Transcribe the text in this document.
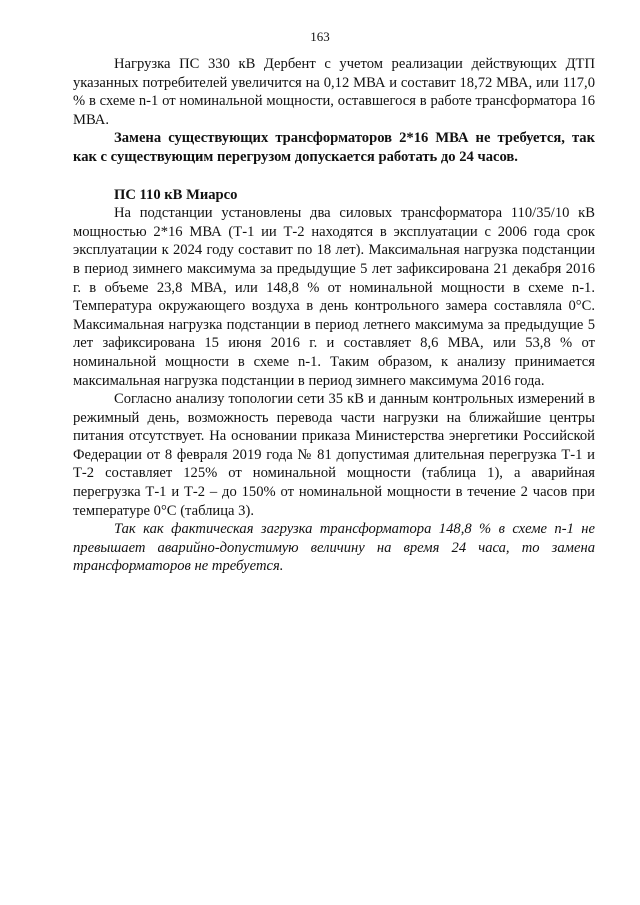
163

Нагрузка ПС 330 кВ Дербент с учетом реализации действующих ДТП указанных потребителей увеличится на 0,12 МВА и составит 18,72 МВА, или 117,0 % в схеме n-1 от номинальной мощности, оставшегося в работе трансформатора 16 МВА.

Замена существующих трансформаторов 2*16 МВА не требуется, так как с существующим перегрузом допускается работать до 24 часов.

ПС 110 кВ Миарсо

На подстанции установлены два силовых трансформатора 110/35/10 кВ мощностью 2*16 МВА (Т-1 ии Т-2 находятся в эксплуатации с 2006 года срок эксплуатации к 2024 году составит по 18 лет). Максимальная нагрузка подстанции в период зимнего максимума за предыдущие 5 лет зафиксирована 21 декабря 2016 г. в объеме 23,8 МВА, или 148,8 % от номинальной мощности в схеме n-1. Температура окружающего воздуха в день контрольного замера составляла 0°С. Максимальная нагрузка подстанции в период летнего максимума за предыдущие 5 лет зафиксирована 15 июня 2016 г. и составляет 8,6 МВА, или 53,8 % от номинальной мощности в схеме n-1. Таким образом, к анализу принимается максимальная нагрузка подстанции в период зимнего максимума 2016 года.

Согласно анализу топологии сети 35 кВ и данным контрольных измерений в режимный день, возможность перевода части нагрузки на ближайшие центры питания отсутствует. На основании приказа Министерства энергетики Российской Федерации от 8 февраля 2019 года № 81 допустимая длительная перегрузка Т-1 и Т-2 составляет 125% от номинальной мощности (таблица 1), а аварийная перегрузка Т-1 и Т-2 – до 150% от номинальной мощности в течение 2 часов при температуре 0°С (таблица 3).

Так как фактическая загрузка трансформатора 148,8 % в схеме n-1 не превышает аварийно-допустимую величину на время 24 часа, то замена трансформаторов не требуется.
